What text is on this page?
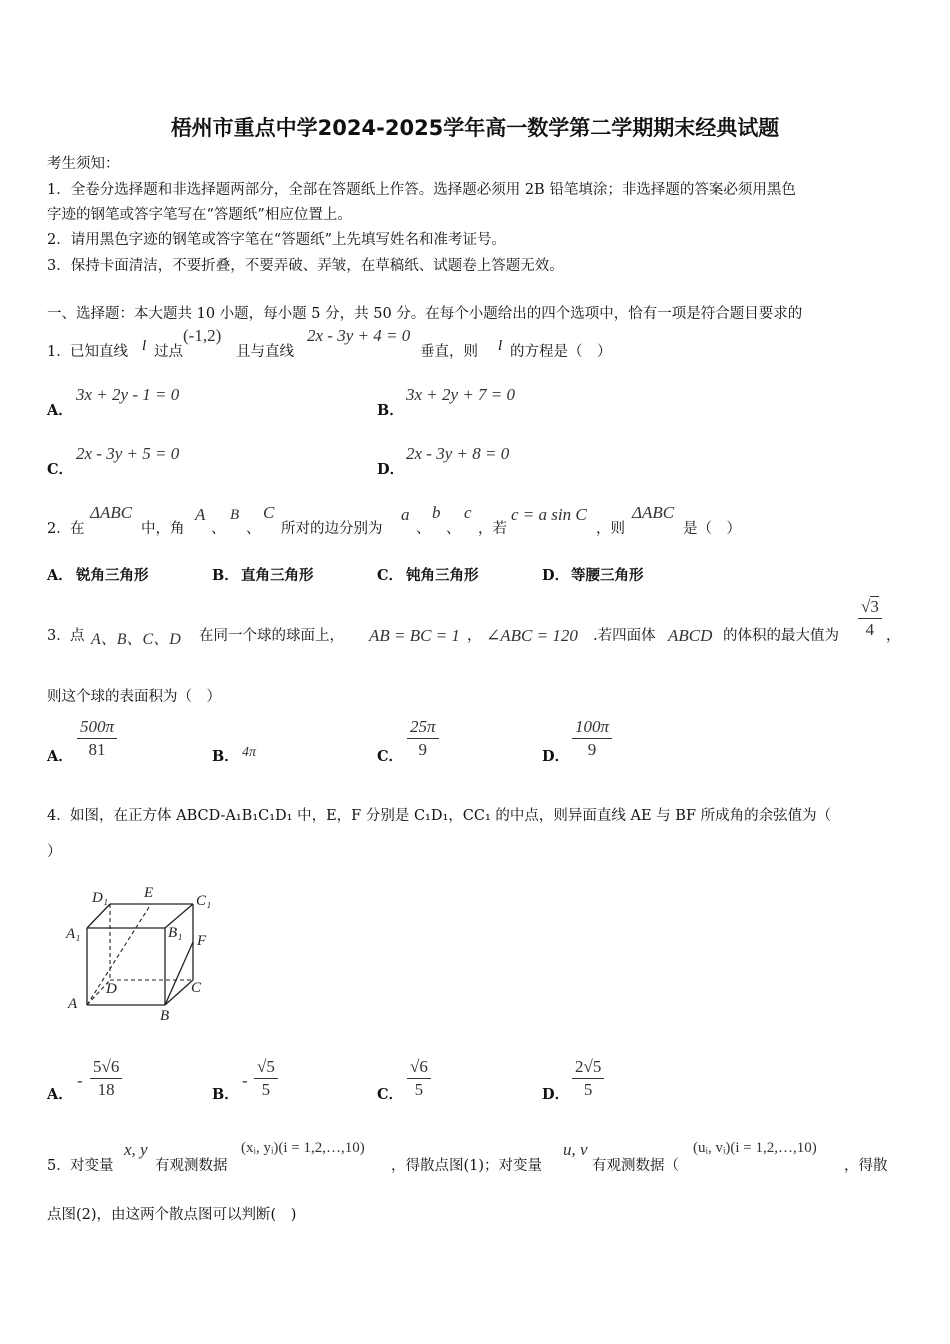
梧州市重点中学2024-2025学年高一数学第二学期期末经典试题
考生须知：
1．全卷分选择题和非选择题两部分，全部在答题纸上作答。选择题必须用 2B 铅笔填涂；非选择题的答案必须用黑色
字迹的钢笔或答字笔写在“答题纸”相应位置上。
2．请用黑色字迹的钢笔或答字笔在“答题纸”上先填写姓名和准考证号。
3．保持卡面清洁，不要折叠，不要弄破、弄皱，在草稿纸、试题卷上答题无效。
一、选择题：本大题共 10 小题，每小题 5 分，共 50 分。在每个小题给出的四个选项中，恰有一项是符合题目要求的
1． 已知直线 l 过点
(-1,2)
且与直线
2x - 3y + 4 = 0
垂直，则 l 的方程是（　）
A．
3x + 2y - 1 = 0
B．
3x + 2y + 7 = 0
C．
2x - 3y + 5 = 0
D．
2x - 3y + 8 = 0
2． 在
ΔABC
中，角
A
、
B
、
C
所对的边分别为
a
、
b
、
c
，若
c = a sin C
，则
ΔABC
是（　）
A． 锐角三角形	B． 直角三角形	C． 钝角三角形	D． 等腰三角形
3． 点 A、B、C、D 在同一个球的球面上， AB = BC = 1 ， ∠ABC = 120 .若四面体 ABCD 的体积的最大值为 $\frac{√3}{4}$ ，
则这个球的表面积为（　）
A． $\frac{500\pi}{81}$	B． 4π	C． $\frac{25\pi}{9}$	D． $\frac{100\pi}{9}$
4． 如图，在正方体 ABCD-A₁B₁C₁D₁ 中，E，F 分别是 C₁D₁，CC₁ 的中点，则异面直线 AE 与 BF 所成角的余弦值为（
）
D₁ E	C₁
A₁	B₁ F
D	C
A
B
A．
- $\frac{5√6}{18}$	B．
- $\frac{√5}{5}$	C． $\frac{√6}{5}$	D． $\frac{2√5}{5}$
5． 对变量
x, y
有观测数据
(xᵢ, yᵢ)(i = 1,2,…,10)
，得散点图(1)；对变量
u, v
有观测数据（
(uᵢ, vᵢ)(i = 1,2,…,10)
，得散
点图(2)，由这两个散点图可以判断(　)
